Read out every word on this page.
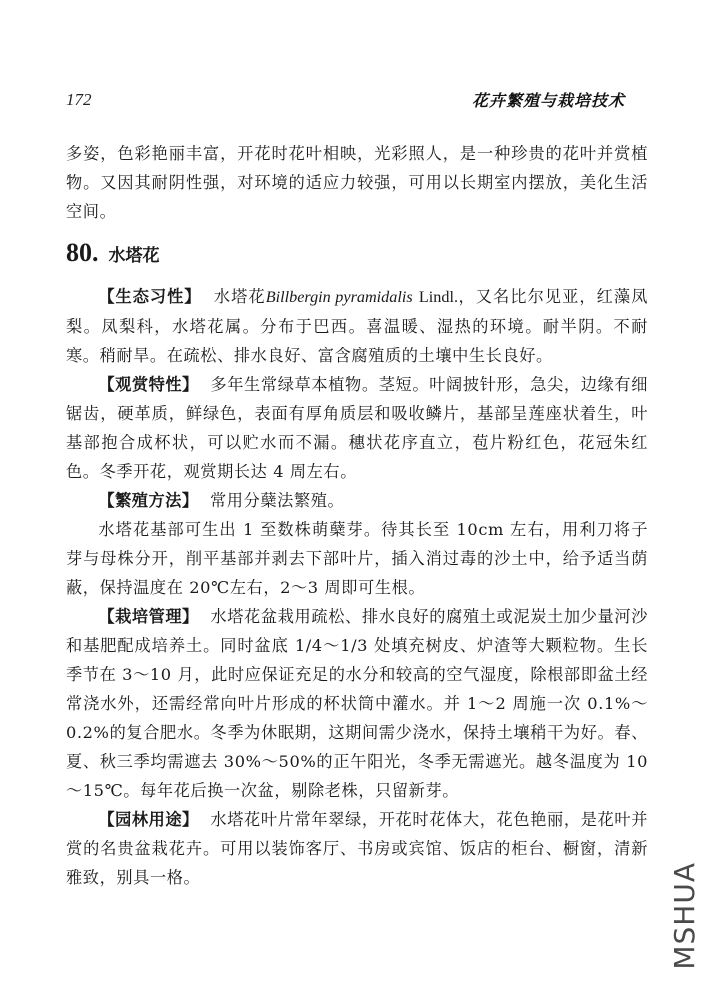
172	花卉繁殖与栽培技术

多姿，色彩艳丽丰富，开花时花叶相映，光彩照人，是一种珍贵的花叶并赏植物。又因其耐阴性强，对环境的适应力较强，可用以长期室内摆放，美化生活空间。

80. 水塔花

【生态习性】 水塔花Billbergin pyramidalis Lindl.，又名比尔见亚，红藻凤梨。凤梨科，水塔花属。分布于巴西。喜温暖、湿热的环境。耐半阴。不耐寒。稍耐旱。在疏松、排水良好、富含腐殖质的土壤中生长良好。

【观赏特性】 多年生常绿草本植物。茎短。叶阔披针形，急尖，边缘有细锯齿，硬革质，鲜绿色，表面有厚角质层和吸收鳞片，基部呈莲座状着生，叶基部抱合成杯状，可以贮水而不漏。穗状花序直立，苞片粉红色，花冠朱红色。冬季开花，观赏期长达 4 周左右。

【繁殖方法】 常用分蘖法繁殖。

水塔花基部可生出 1 至数株萌蘖芽。待其长至 10cm 左右，用利刀将子芽与母株分开，削平基部并剥去下部叶片，插入消过毒的沙土中，给予适当荫蔽，保持温度在 20℃左右，2～3 周即可生根。

【栽培管理】 水塔花盆栽用疏松、排水良好的腐殖土或泥炭土加少量河沙和基肥配成培养土。同时盆底 1/4～1/3 处填充树皮、炉渣等大颗粒物。生长季节在 3～10 月，此时应保证充足的水分和较高的空气湿度，除根部即盆土经常浇水外，还需经常向叶片形成的杯状筒中灌水。并 1～2 周施一次 0.1%～0.2%的复合肥水。冬季为休眠期，这期间需少浇水，保持土壤稍干为好。春、夏、秋三季均需遮去 30%～50%的正午阳光，冬季无需遮光。越冬温度为 10～15℃。每年花后换一次盆，剔除老株，只留新芽。

【园林用途】 水塔花叶片常年翠绿，开花时花体大，花色艳丽，是花叶并赏的名贵盆栽花卉。可用以装饰客厅、书房或宾馆、饭店的柜台、橱窗，清新雅致，别具一格。	MSHUA
